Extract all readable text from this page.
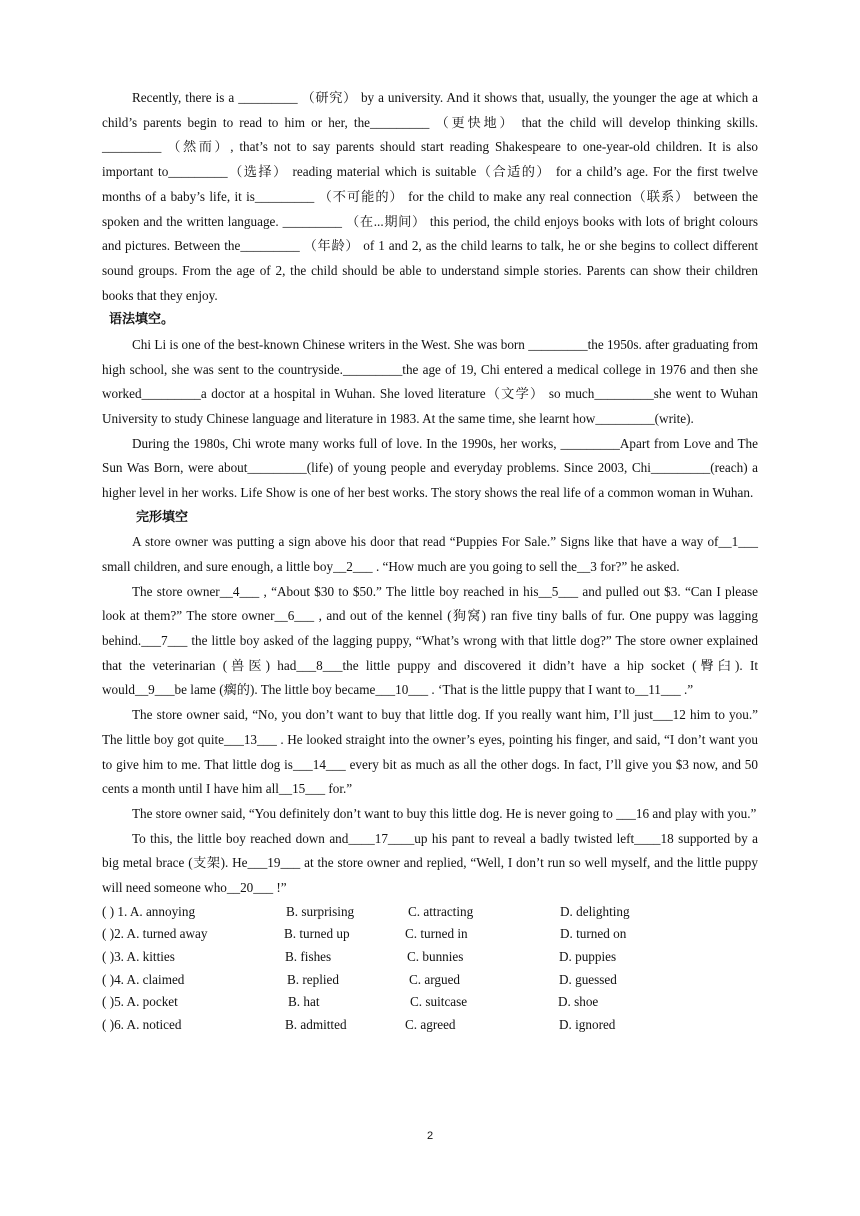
Recently, there is a _________ （研究） by a university. And it shows that, usually, the younger the age at which a child’s parents begin to read to him or her, the_________ （更快地） that the child will develop thinking skills. _________ （然而）, that’s not to say parents should start reading Shakespeare to one-year-old children. It is also important to_________（选择） reading material which is suitable（合适的） for a child’s age. For the first twelve months of a baby’s life, it is_________ （不可能的） for the child to make any real connection（联系） between the spoken and the written language. _________ （在...期间） this period, the child enjoys books with lots of bright colours and pictures. Between the_________ （年龄） of 1 and 2, as the child learns to talk, he or she begins to collect different sound groups. From the age of 2, the child should be able to understand simple stories. Parents can show their children books that they enjoy.

语法填空。

Chi Li is one of the best-known Chinese writers in the West. She was born _________the 1950s. after graduating from high school, she was sent to the countryside._________the age of 19, Chi entered a medical college in 1976 and then she worked_________a doctor at a hospital in Wuhan. She loved literature（文学） so much_________she went to Wuhan University to study Chinese language and literature in 1983. At the same time, she learnt how_________(write).

During the 1980s, Chi wrote many works full of love. In the 1990s, her works, _________Apart from Love and The Sun Was Born, were about_________(life) of young people and everyday problems. Since 2003, Chi_________(reach) a higher level in her works. Life Show is one of her best works. The story shows the real life of a common woman in Wuhan.

完形填空

A store owner was putting a sign above his door that read “Puppies For Sale.” Signs like that have a way of__1___ small children, and sure enough, a little boy__2___ . “How much are you going to sell the__3 for?” he asked.

The store owner__4___ , “About $30 to $50.” The little boy reached in his__5___ and pulled out $3. “Can I please look at them?” The store owner__6___ , and out of the kennel (狗窝) ran five tiny balls of fur. One puppy was lagging behind.___7___ the little boy asked of the lagging puppy, “What’s wrong with that little dog?” The store owner explained that the veterinarian (兽医) had___8___the little puppy and discovered it didn’t have a hip socket (臀臼). It would__9___be lame (瘸的). The little boy became___10___ . ‘That is the little puppy that I want to__11___ .”

The store owner said, “No, you don’t want to buy that little dog. If you really want him, I’ll just___12 him to you.” The little boy got quite___13___ . He looked straight into the owner’s eyes, pointing his finger, and said, “I don’t want you to give him to me. That little dog is___14___ every bit as much as all the other dogs. In fact, I’ll give you $3 now, and 50 cents a month until I have him all__15___ for.”

The store owner said, “You definitely don’t want to buy this little dog. He is never going to ___16 and play with you.”

To this, the little boy reached down and____17____up his pant to reveal a badly twisted left____18 supported by a big metal brace (支架). He___19___ at the store owner and replied, “Well, I don’t run so well myself, and the little puppy will need someone who__20___ !”

( ) 1. A. annoying	B. surprising	C. attracting	D. delighting
( )2. A. turned away	B. turned up	C. turned in	D. turned on
( )3. A. kitties	B. fishes	C. bunnies	D. puppies
( )4. A. claimed	B. replied	C. argued	D. guessed
( )5. A. pocket	B. hat	C. suitcase	D. shoe
( )6. A. noticed	B. admitted	C. agreed	D. ignored
2
